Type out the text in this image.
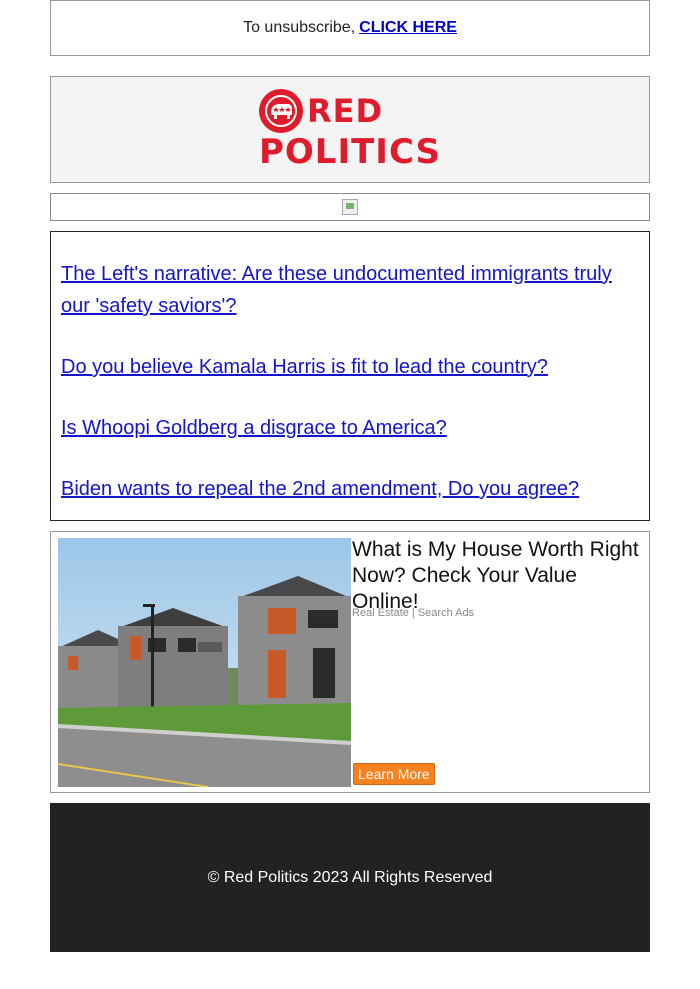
To unsubscribe, CLICK HERE
RED
POLITICS
The Left's narrative: Are these undocumented immigrants truly our 'safety saviors'?
Do you believe Kamala Harris is fit to lead the country?
Is Whoopi Goldberg a disgrace to America?
Biden wants to repeal the 2nd amendment, Do you agree?
What is My House Worth Right Now? Check Your Value Online!
Real Estate | Search Ads
Learn More
© Red Politics 2023 All Rights Reserved
